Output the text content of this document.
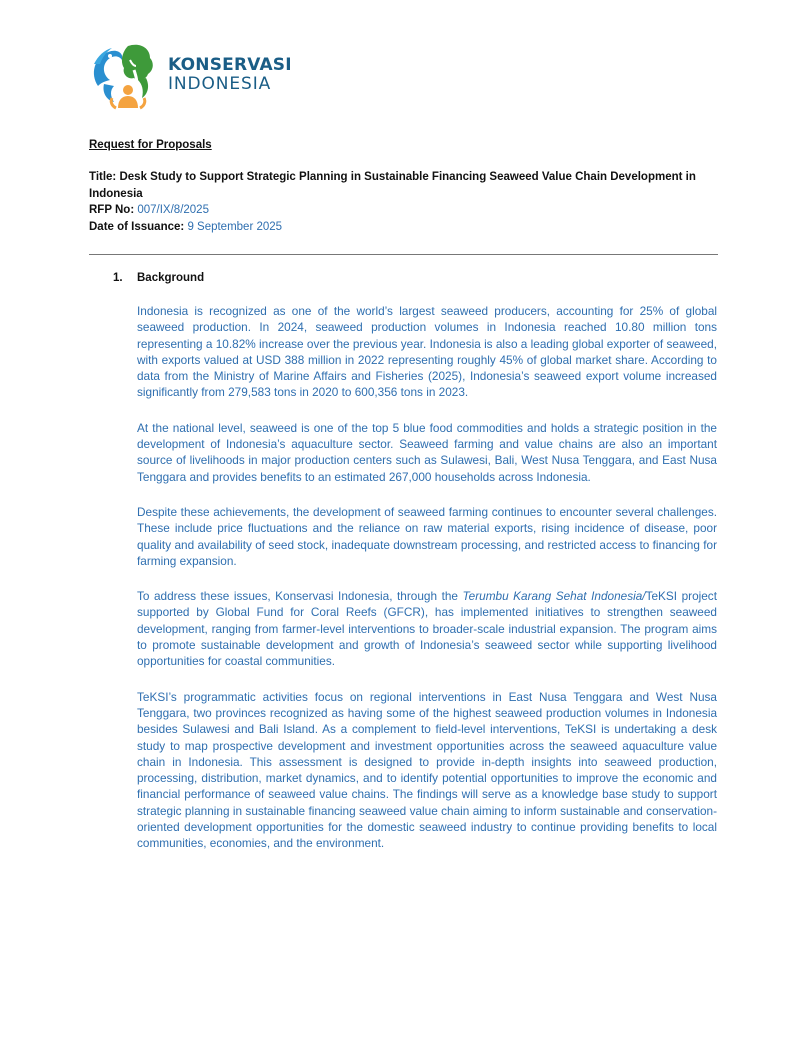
KONSERVASI
INDONESIA

Request for Proposals

Title: Desk Study to Support Strategic Planning in Sustainable Financing Seaweed Value Chain Development in Indonesia

RFP No: 007/IX/8/2025

Date of Issuance: 9 September 2025

1. Background

Indonesia is recognized as one of the world’s largest seaweed producers, accounting for 25% of global seaweed production. In 2024, seaweed production volumes in Indonesia reached 10.80 million tons representing a 10.82% increase over the previous year. Indonesia is also a leading global exporter of seaweed, with exports valued at USD 388 million in 2022 representing roughly 45% of global market share. According to data from the Ministry of Marine Affairs and Fisheries (2025), Indonesia’s seaweed export volume increased significantly from 279,583 tons in 2020 to 600,356 tons in 2023.

At the national level, seaweed is one of the top 5 blue food commodities and holds a strategic position in the development of Indonesia’s aquaculture sector. Seaweed farming and value chains are also an important source of livelihoods in major production centers such as Sulawesi, Bali, West Nusa Tenggara, and East Nusa Tenggara and provides benefits to an estimated 267,000 households across Indonesia.

Despite these achievements, the development of seaweed farming continues to encounter several challenges. These include price fluctuations and the reliance on raw material exports, rising incidence of disease, poor quality and availability of seed stock, inadequate downstream processing, and restricted access to financing for farming expansion.

To address these issues, Konservasi Indonesia, through the Terumbu Karang Sehat Indonesia/TeKSI project supported by Global Fund for Coral Reefs (GFCR), has implemented initiatives to strengthen seaweed development, ranging from farmer-level interventions to broader-scale industrial expansion. The program aims to promote sustainable development and growth of Indonesia’s seaweed sector while supporting livelihood opportunities for coastal communities.

TeKSI’s programmatic activities focus on regional interventions in East Nusa Tenggara and West Nusa Tenggara, two provinces recognized as having some of the highest seaweed production volumes in Indonesia besides Sulawesi and Bali Island. As a complement to field-level interventions, TeKSI is undertaking a desk study to map prospective development and investment opportunities across the seaweed aquaculture value chain in Indonesia. This assessment is designed to provide in-depth insights into seaweed production, processing, distribution, market dynamics, and to identify potential opportunities to improve the economic and financial performance of seaweed value chains. The findings will serve as a knowledge base study to support strategic planning in sustainable financing seaweed value chain aiming to inform sustainable and conservation-oriented development opportunities for the domestic seaweed industry to continue providing benefits to local communities, economies, and the environment.
